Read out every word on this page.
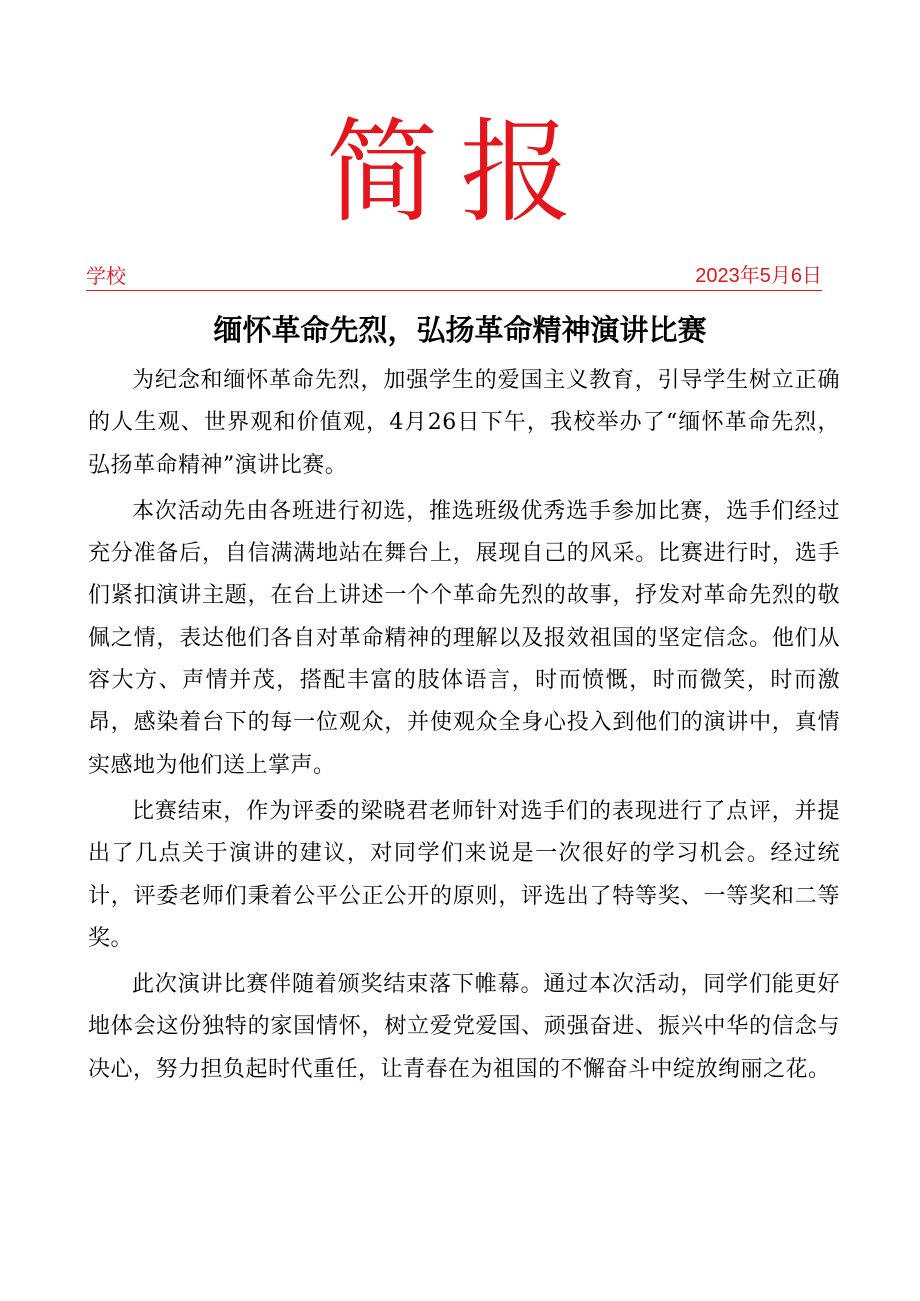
简报
学校	2023年5月6日
缅怀革命先烈，弘扬革命精神演讲比赛

为纪念和缅怀革命先烈，加强学生的爱国主义教育，引导学生树立正确的人生观、世界观和价值观，4月26日下午，我校举办了“缅怀革命先烈，弘扬革命精神”演讲比赛。

本次活动先由各班进行初选，推选班级优秀选手参加比赛，选手们经过充分准备后，自信满满地站在舞台上，展现自己的风采。比赛进行时，选手们紧扣演讲主题，在台上讲述一个个革命先烈的故事，抒发对革命先烈的敬佩之情，表达他们各自对革命精神的理解以及报效祖国的坚定信念。他们从容大方、声情并茂，搭配丰富的肢体语言，时而愤慨，时而微笑，时而激昂，感染着台下的每一位观众，并使观众全身心投入到他们的演讲中，真情实感地为他们送上掌声。

比赛结束，作为评委的梁晓君老师针对选手们的表现进行了点评，并提出了几点关于演讲的建议，对同学们来说是一次很好的学习机会。经过统计，评委老师们秉着公平公正公开的原则，评选出了特等奖、一等奖和二等奖。

此次演讲比赛伴随着颁奖结束落下帷幕。通过本次活动，同学们能更好地体会这份独特的家国情怀，树立爱党爱国、顽强奋进、振兴中华的信念与决心，努力担负起时代重任，让青春在为祖国的不懈奋斗中绽放绚丽之花。
